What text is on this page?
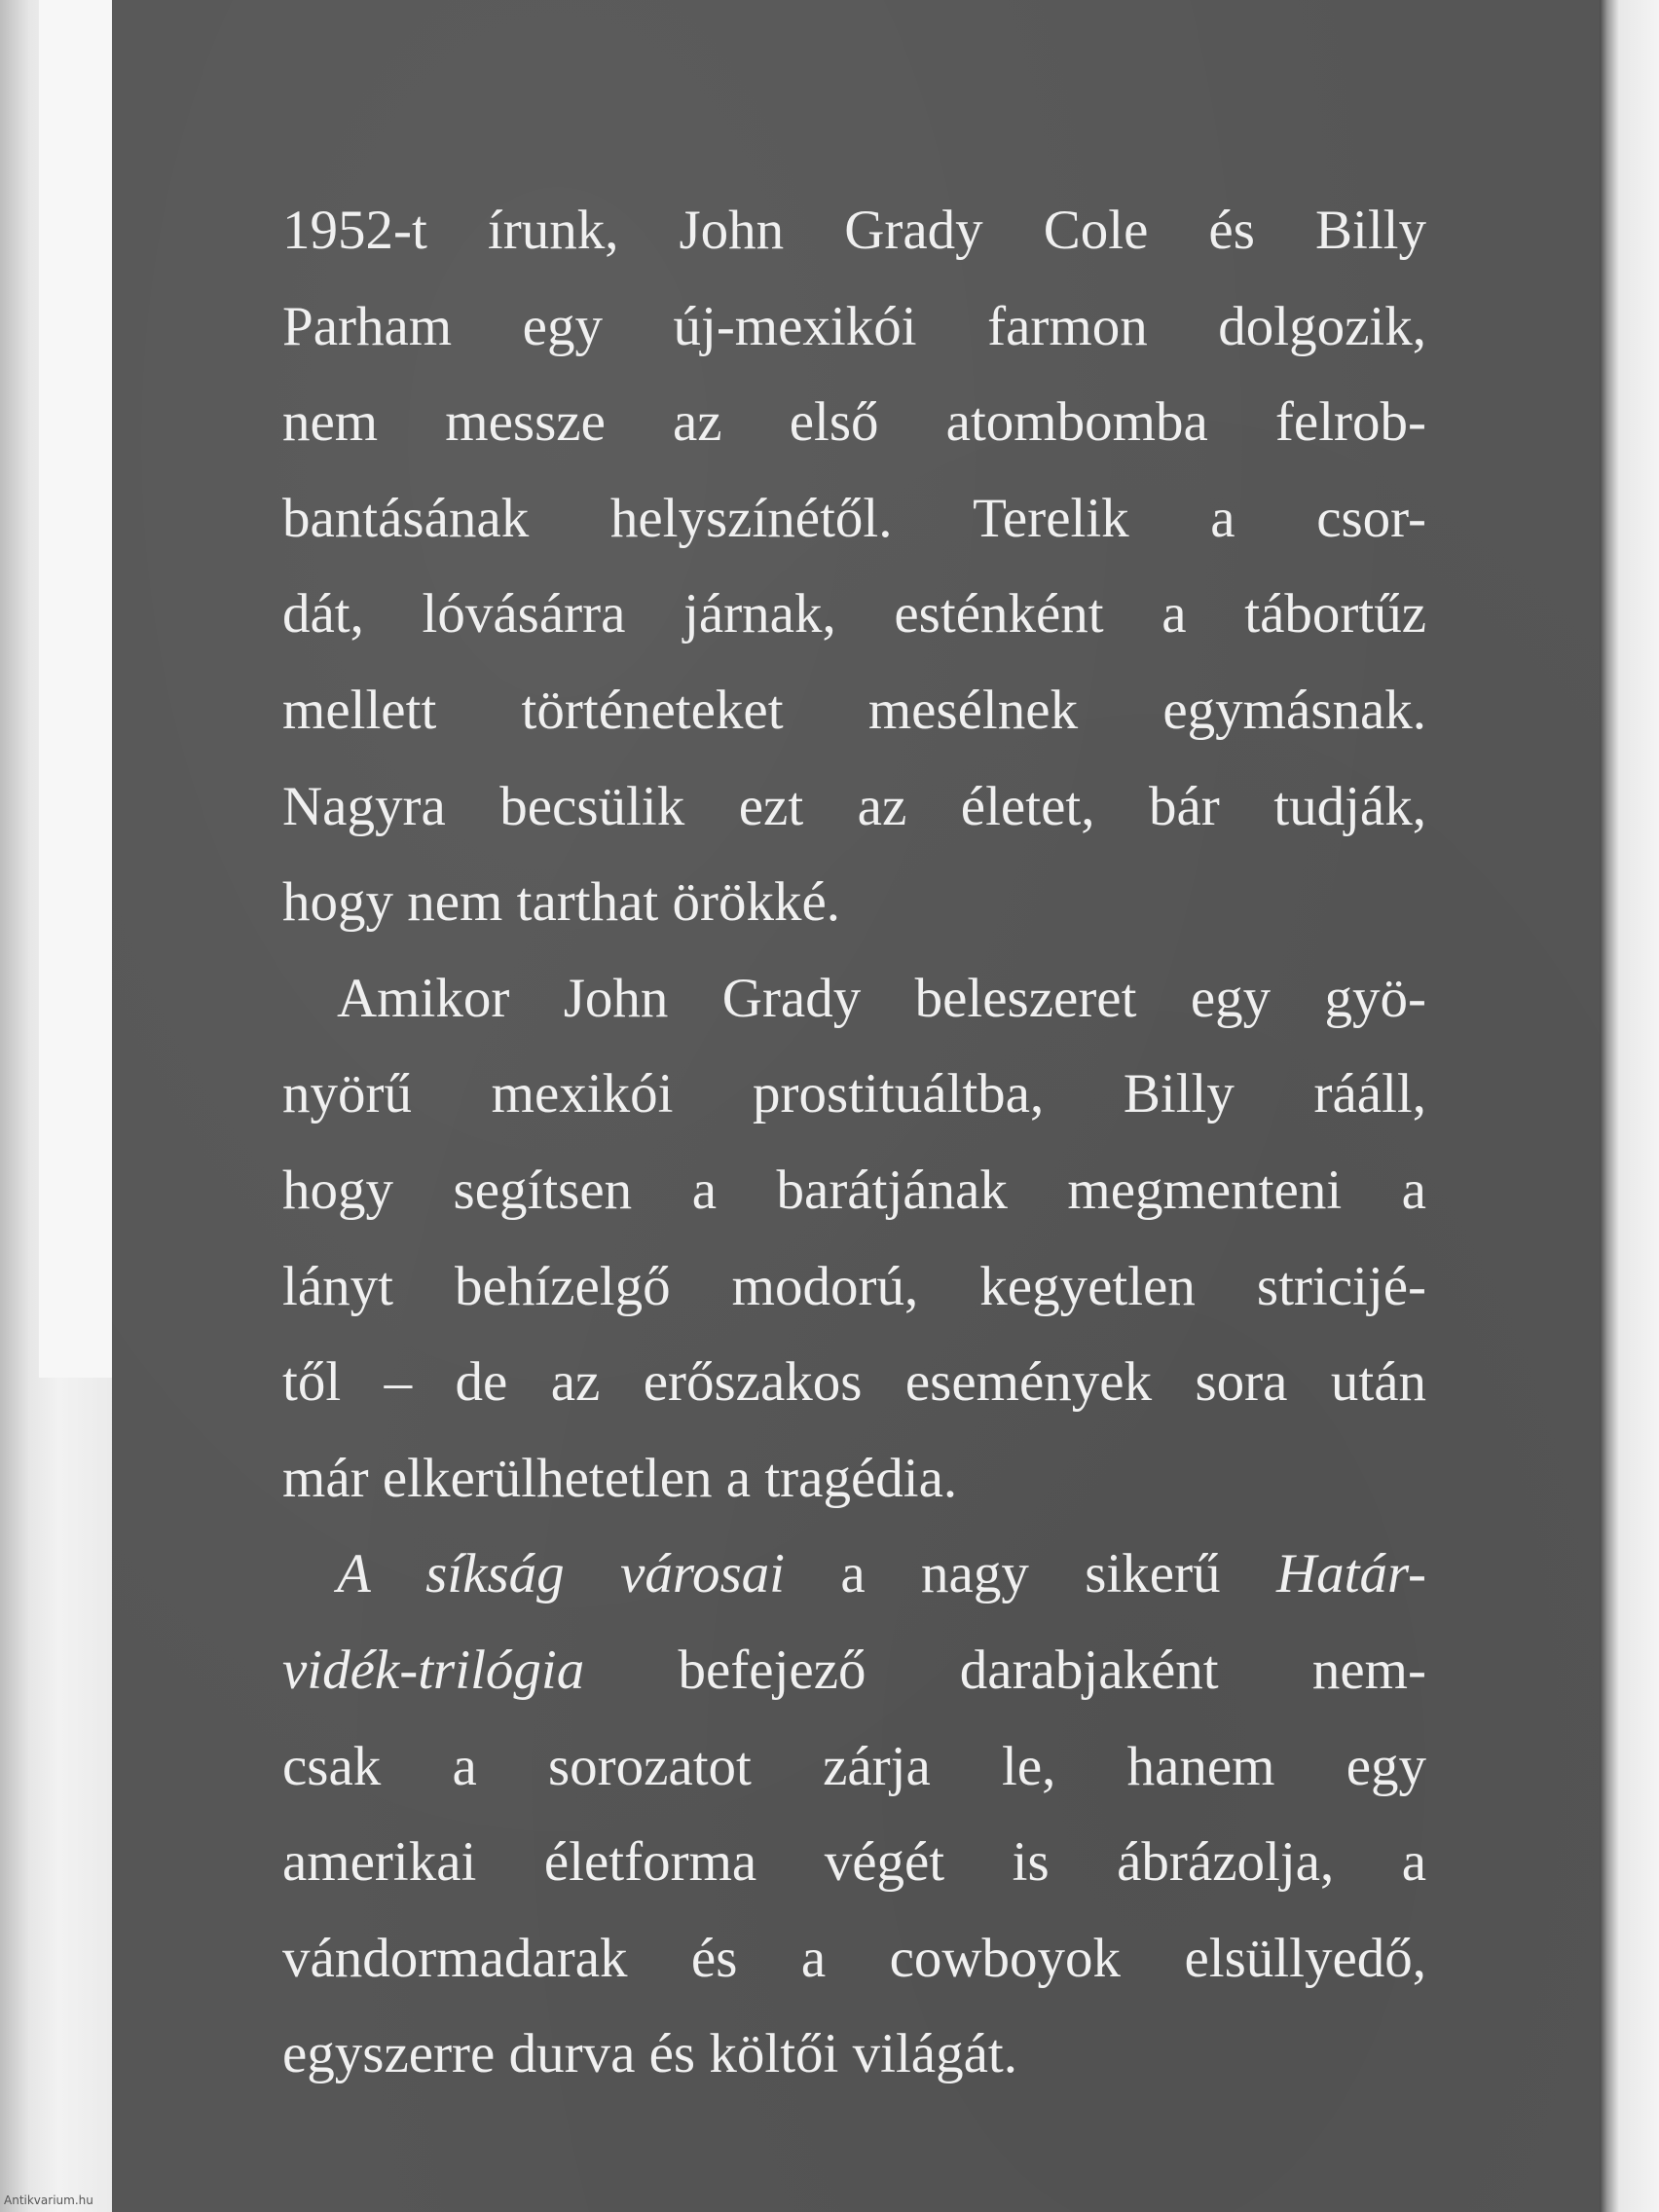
1952-t írunk, John Grady Cole és Billy
Parham egy új-mexikói farmon dolgozik,
nem messze az első atombomba felrob-
bantásának helyszínétől. Terelik a csor-
dát, lóvásárra járnak, esténként a tábortűz
mellett történeteket mesélnek egymásnak.
Nagyra becsülik ezt az életet, bár tudják,
hogy nem tarthat örökké.
Amikor John Grady beleszeret egy gyö-
nyörű mexikói prostituáltba, Billy rááll,
hogy segítsen a barátjának megmenteni a
lányt behízelgő modorú, kegyetlen stricijé-
től – de az erőszakos események sora után
már elkerülhetetlen a tragédia.
A síkság városai a nagy sikerű Határ-
vidék-trilógia befejező darabjaként nem-
csak a sorozatot zárja le, hanem egy
amerikai életforma végét is ábrázolja, a
vándormadarak és a cowboyok elsüllyedő,
egyszerre durva és költői világát.
Antikvarium.hu
